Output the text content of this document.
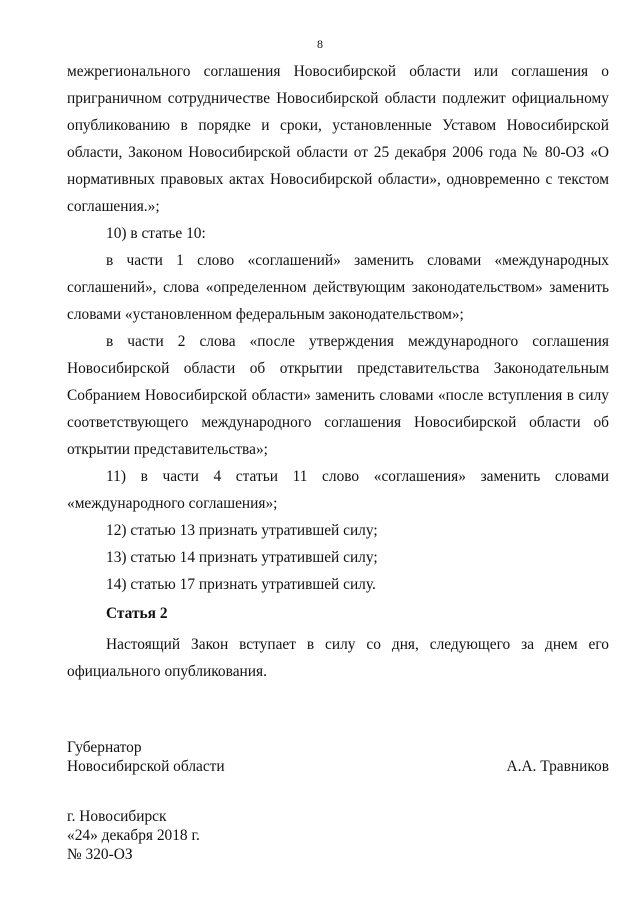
8

межрегионального соглашения Новосибирской области или соглашения о приграничном сотрудничестве Новосибирской области подлежит официальному опубликованию в порядке и сроки, установленные Уставом Новосибирской области, Законом Новосибирской области от 25 декабря 2006 года № 80-ОЗ «О нормативных правовых актах Новосибирской области», одновременно с текстом соглашения.»;

10) в статье 10:

в части 1 слово «соглашений» заменить словами «международных соглашений», слова «определенном действующим законодательством» заменить словами «установленном федеральным законодательством»;

в части 2 слова «после утверждения международного соглашения Новосибирской области об открытии представительства Законодательным Собранием Новосибирской области» заменить словами «после вступления в силу соответствующего международного соглашения Новосибирской области об открытии представительства»;

11) в части 4 статьи 11 слово «соглашения» заменить словами «международного соглашения»;

12) статью 13 признать утратившей силу;

13) статью 14 признать утратившей силу;

14) статью 17 признать утратившей силу.

Статья 2

Настоящий Закон вступает в силу со дня, следующего за днем его официального опубликования.

Губернатор
Новосибирской области	А.А. Травников
г. Новосибирск
«24» декабря 2018 г.
№ 320-ОЗ
